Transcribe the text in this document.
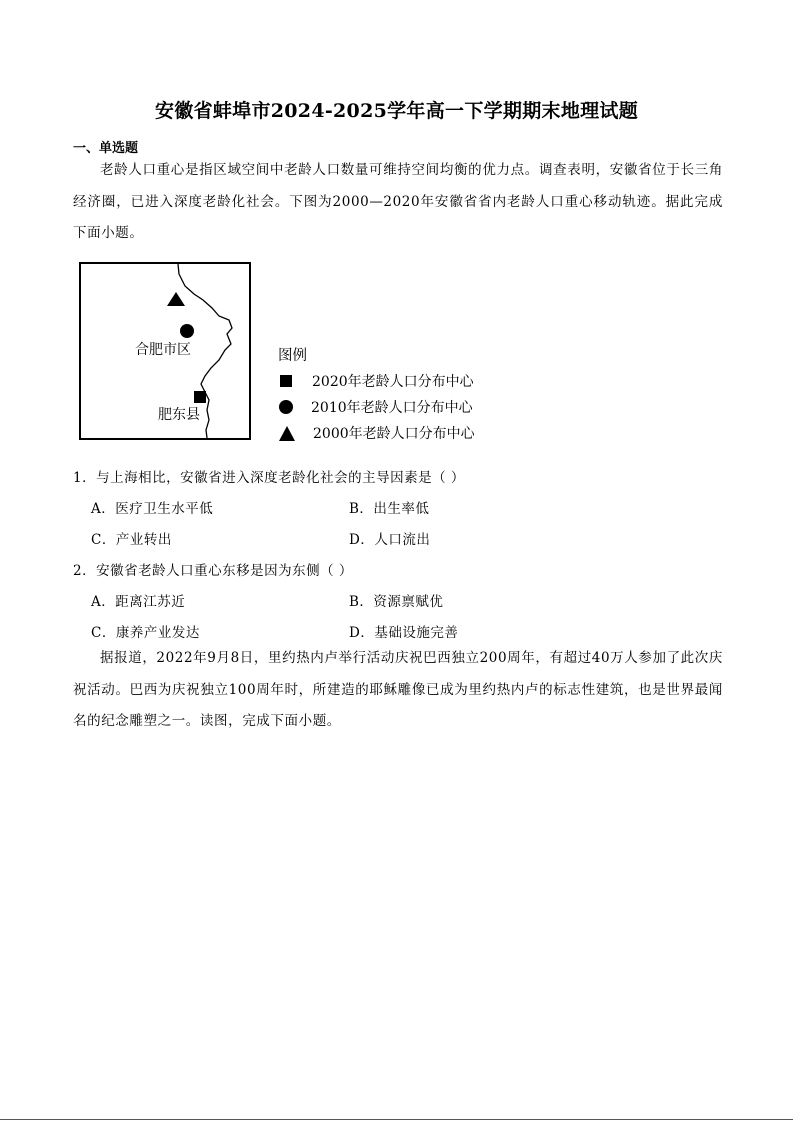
安徽省蚌埠市2024-2025学年高一下学期期末地理试题
一、单选题
老龄人口重心是指区域空间中老龄人口数量可维持空间均衡的优力点。调查表明，安徽省位于长三角经济圈，已进入深度老龄化社会。下图为2000—2020年安徽省省内老龄人口重心移动轨迹。据此完成下面小题。
合肥市区
肥东县
图例
2020年老龄人口分布中心
2010年老龄人口分布中心
2000年老龄人口分布中心
1．与上海相比，安徽省进入深度老龄化社会的主导因素是（ ）
A．医疗卫生水平低	B．出生率低
C．产业转出	D．人口流出
2．安徽省老龄人口重心东移是因为东侧（ ）
A．距离江苏近	B．资源禀赋优
C．康养产业发达	D．基础设施完善
据报道，2022年9月8日，里约热内卢举行活动庆祝巴西独立200周年，有超过40万人参加了此次庆祝活动。巴西为庆祝独立100周年时，所建造的耶稣雕像已成为里约热内卢的标志性建筑，也是世界最闻名的纪念雕塑之一。读图，完成下面小题。
